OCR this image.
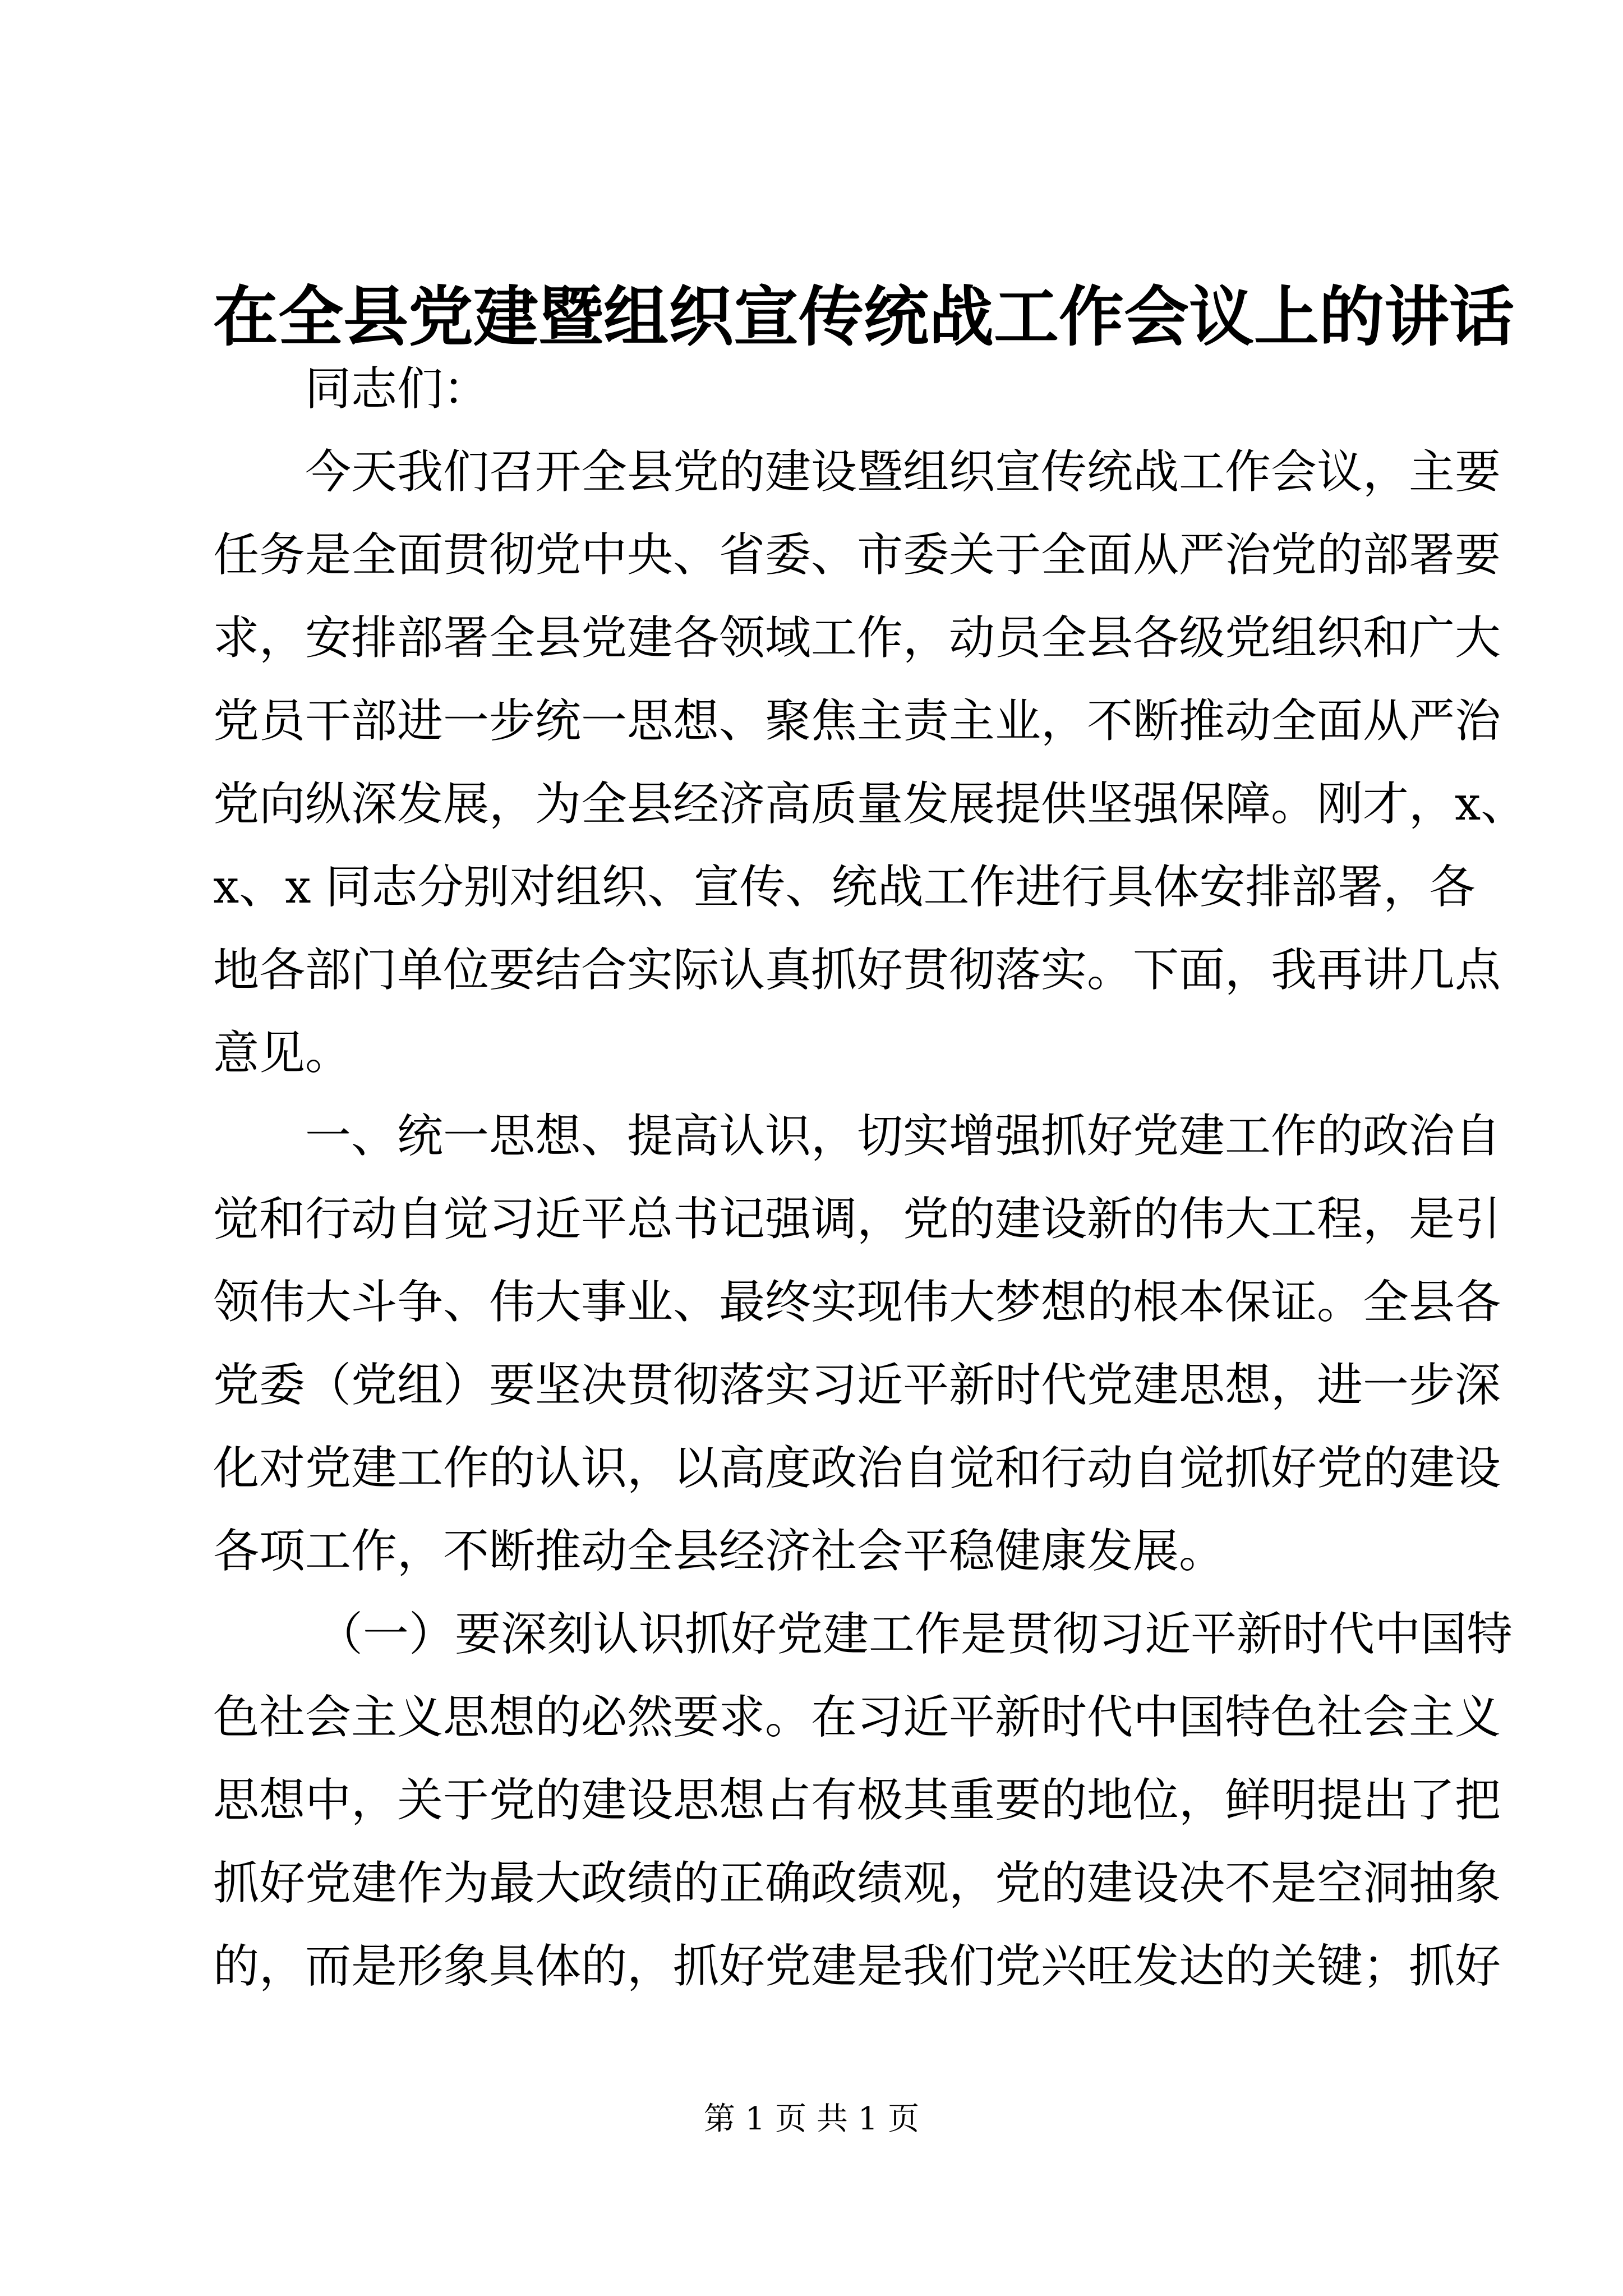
在全县党建暨组织宣传统战工作会议上的讲话
同志们：
今天我们召开全县党的建设暨组织宣传统战工作会议，主要
任务是全面贯彻党中央、省委、市委关于全面从严治党的部署要
求，安排部署全县党建各领域工作，动员全县各级党组织和广大
党员干部进一步统一思想、聚焦主责主业，不断推动全面从严治
党向纵深发展，为全县经济高质量发展提供坚强保障。刚才，x、
x、x 同志分别对组织、宣传、统战工作进行具体安排部署，各
地各部门单位要结合实际认真抓好贯彻落实。下面，我再讲几点
意见。
一、统一思想、提高认识，切实增强抓好党建工作的政治自
觉和行动自觉习近平总书记强调，党的建设新的伟大工程，是引
领伟大斗争、伟大事业、最终实现伟大梦想的根本保证。全县各
党委（党组）要坚决贯彻落实习近平新时代党建思想，进一步深
化对党建工作的认识，以高度政治自觉和行动自觉抓好党的建设
各项工作，不断推动全县经济社会平稳健康发展。
（一）要深刻认识抓好党建工作是贯彻习近平新时代中国特
色社会主义思想的必然要求。在习近平新时代中国特色社会主义
思想中，关于党的建设思想占有极其重要的地位，鲜明提出了把
抓好党建作为最大政绩的正确政绩观，党的建设决不是空洞抽象
的，而是形象具体的，抓好党建是我们党兴旺发达的关键；抓好
第 1 页 共 1 页
